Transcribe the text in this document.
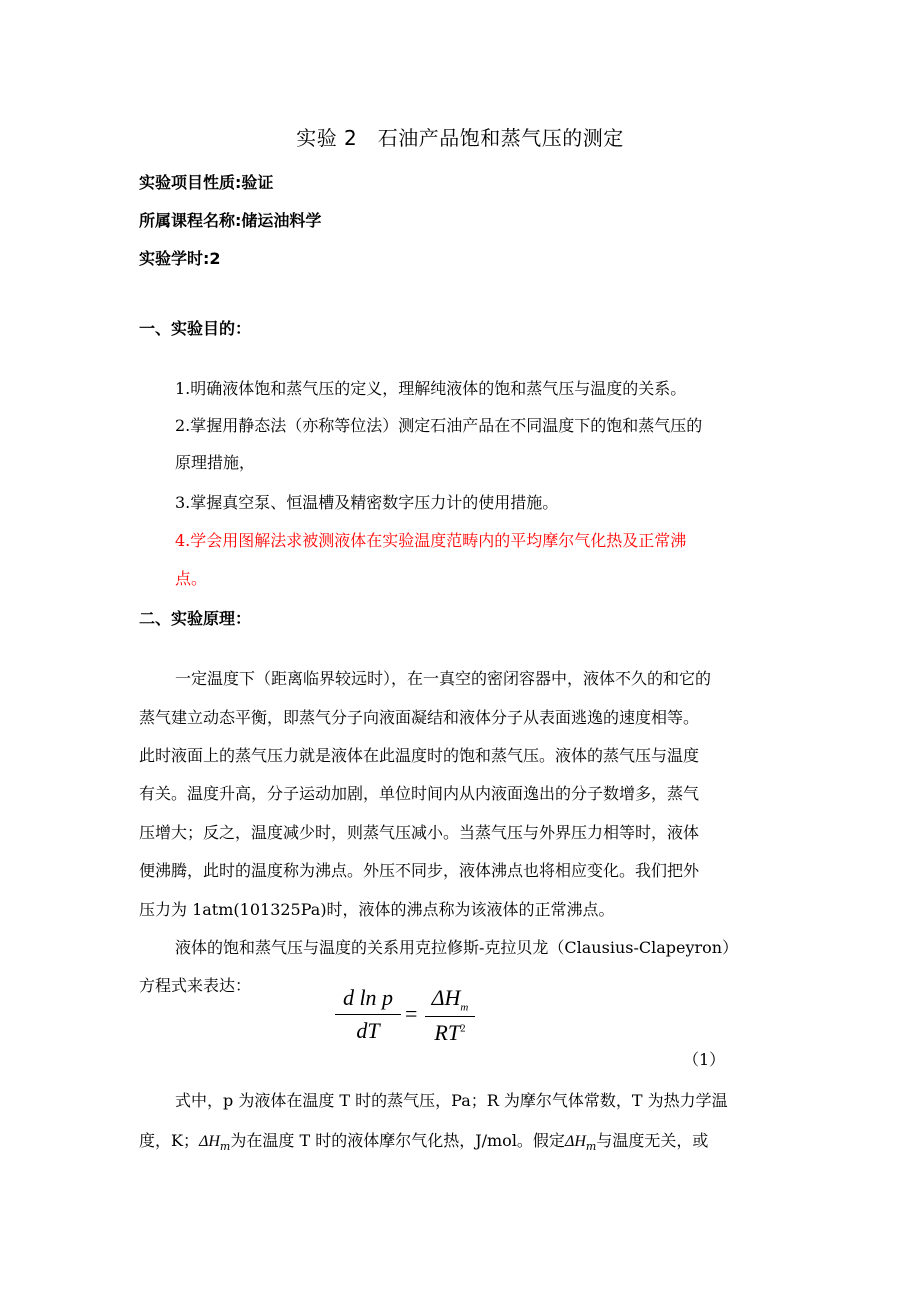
实验 2　石油产品饱和蒸气压的测定
实验项目性质:验证
所属课程名称:储运油料学
实验学时:2
一、实验目的：
1.明确液体饱和蒸气压的定义，理解纯液体的饱和蒸气压与温度的关系。
2.掌握用静态法（亦称等位法）测定石油产品在不同温度下的饱和蒸气压的
原理措施，
3.掌握真空泵、恒温槽及精密数字压力计的使用措施。
4.学会用图解法求被测液体在实验温度范畴内的平均摩尔气化热及正常沸
点。
二、实验原理：
一定温度下（距离临界较远时），在一真空的密闭容器中，液体不久的和它的
蒸气建立动态平衡，即蒸气分子向液面凝结和液体分子从表面逃逸的速度相等。
此时液面上的蒸气压力就是液体在此温度时的饱和蒸气压。液体的蒸气压与温度
有关。温度升高，分子运动加剧，单位时间内从内液面逸出的分子数增多，蒸气
压增大；反之，温度减少时，则蒸气压减小。当蒸气压与外界压力相等时，液体
便沸腾，此时的温度称为沸点。外压不同步，液体沸点也将相应变化。我们把外
压力为 1atm(101325Pa)时，液体的沸点称为该液体的正常沸点。
液体的饱和蒸气压与温度的关系用克拉修斯-克拉贝龙（Clausius-Clapeyron）
方程式来表达：	d ln p
dT
=
$\Delta H_m$
$RT^2$
（1）
式中，p 为液体在温度 T 时的蒸气压，Pa；R 为摩尔气体常数，T 为热力学温
度，K；$\Delta H_m$为在温度 T 时的液体摩尔气化热，J/mol。假定$\Delta H_m$与温度无关，或
